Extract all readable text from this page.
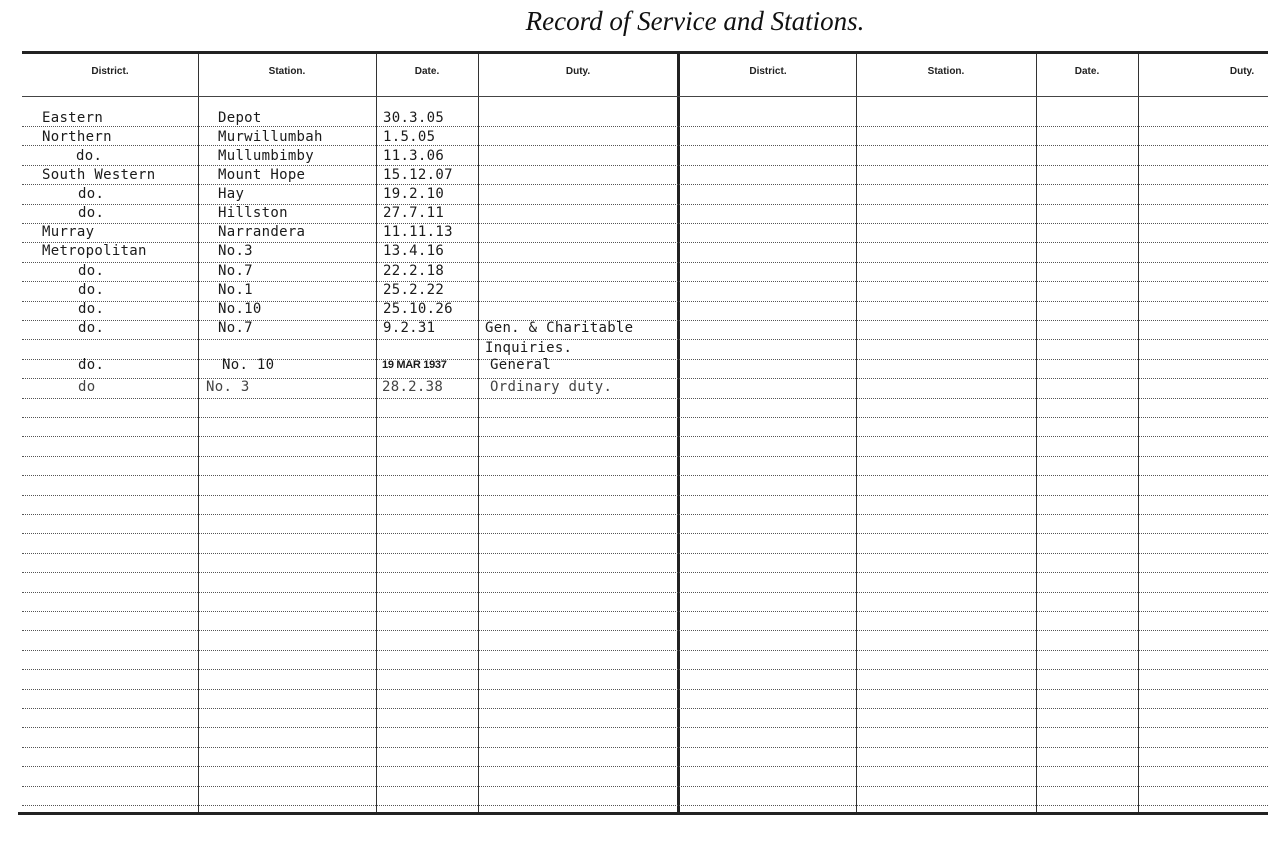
Record of Service and Stations.
District.	Station.	Date.	Duty.	District.	Station.	Date.	Duty.
Eastern	Depot	30.3.05
Northern	Murwillumbah	1.5.05
do.	Mullumbimby	11.3.06
South Western	Mount Hope	15.12.07
do.	Hay	19.2.10
do.	Hillston	27.7.11
Murray	Narrandera	11.11.13
Metropolitan	No.3	13.4.16
do.	No.7	22.2.18
do.	No.1	25.2.22
do.	No.10	25.10.26
do.	No.7	9.2.31	Gen. & Charitable
Inquiries.
do.	No. 10	19 MAR 1937	General
do	No. 3	28.2.38	Ordinary duty.
